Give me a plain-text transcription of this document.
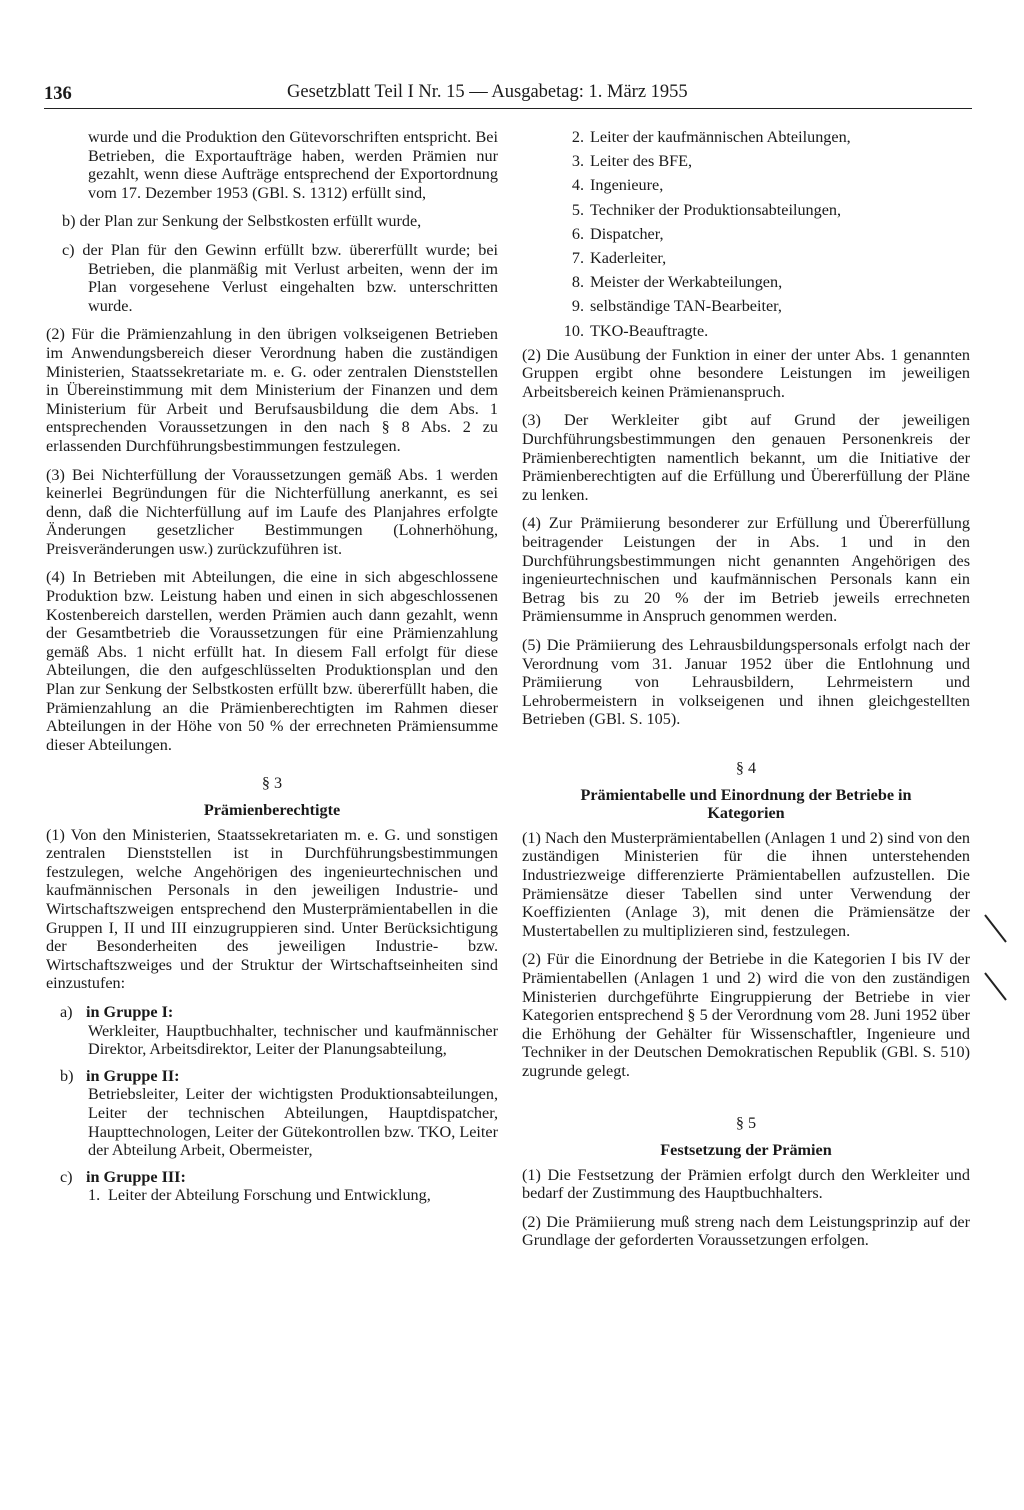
136	Gesetzblatt Teil I Nr. 15 — Ausgabetag: 1. März 1955

wurde und die Produktion den Gütevorschriften entspricht. Bei Betrieben, die Exportaufträge haben, werden Prämien nur gezahlt, wenn diese Aufträge entsprechend der Exportordnung vom 17. Dezember 1953 (GBl. S. 1312) erfüllt sind,

b) der Plan zur Senkung der Selbstkosten erfüllt wurde,

c) der Plan für den Gewinn erfüllt bzw. übererfüllt wurde; bei Betrieben, die planmäßig mit Verlust arbeiten, wenn der im Plan vorgesehene Verlust eingehalten bzw. unterschritten wurde.

(2) Für die Prämienzahlung in den übrigen volkseigenen Betrieben im Anwendungsbereich dieser Verordnung haben die zuständigen Ministerien, Staatssekretariate m. e. G. oder zentralen Dienststellen in Übereinstimmung mit dem Ministerium der Finanzen und dem Ministerium für Arbeit und Berufsausbildung die dem Abs. 1 entsprechenden Voraussetzungen in den nach § 8 Abs. 2 zu erlassenden Durchführungsbestimmungen festzulegen.

(3) Bei Nichterfüllung der Voraussetzungen gemäß Abs. 1 werden keinerlei Begründungen für die Nichterfüllung anerkannt, es sei denn, daß die Nichterfüllung auf im Laufe des Planjahres erfolgte Änderungen gesetzlicher Bestimmungen (Lohnerhöhung, Preisveränderungen usw.) zurückzuführen ist.

(4) In Betrieben mit Abteilungen, die eine in sich abgeschlossene Produktion bzw. Leistung haben und einen in sich abgeschlossenen Kostenbereich darstellen, werden Prämien auch dann gezahlt, wenn der Gesamtbetrieb die Voraussetzungen für eine Prämienzahlung gemäß Abs. 1 nicht erfüllt hat. In diesem Fall erfolgt für diese Abteilungen, die den aufgeschlüsselten Produktionsplan und den Plan zur Senkung der Selbstkosten erfüllt bzw. übererfüllt haben, die Prämienzahlung an die Prämienberechtigten im Rahmen dieser Abteilungen in der Höhe von 50 % der errechneten Prämiensumme dieser Abteilungen.

§ 3
Prämienberechtigte

(1) Von den Ministerien, Staatssekretariaten m. e. G. und sonstigen zentralen Dienststellen ist in Durchführungsbestimmungen festzulegen, welche Angehörigen des ingenieurtechnischen und kaufmännischen Personals in den jeweiligen Industrie- und Wirtschaftszweigen entsprechend den Musterprämientabellen in die Gruppen I, II und III einzugruppieren sind. Unter Berücksichtigung der Besonderheiten des jeweiligen Industrie- bzw. Wirtschaftszweiges und der Struktur der Wirtschaftseinheiten sind einzustufen:

a) in Gruppe I:
Werkleiter, Hauptbuchhalter, technischer und kaufmännischer Direktor, Arbeitsdirektor, Leiter der Planungsabteilung,
b) in Gruppe II:
Betriebsleiter, Leiter der wichtigsten Produktionsabteilungen, Leiter der technischen Abteilungen, Hauptdispatcher, Haupttechnologen, Leiter der Gütekontrollen bzw. TKO, Leiter der Abteilung Arbeit, Obermeister,
c) in Gruppe III:
1. Leiter der Abteilung Forschung und Entwicklung,
2. Leiter der kaufmännischen Abteilungen,
3. Leiter des BFE,
4. Ingenieure,
5. Techniker der Produktionsabteilungen,
6. Dispatcher,
7. Kaderleiter,
8. Meister der Werkabteilungen,
9. selbständige TAN-Bearbeiter,
10. TKO-Beauftragte.

(2) Die Ausübung der Funktion in einer der unter Abs. 1 genannten Gruppen ergibt ohne besondere Leistungen im jeweiligen Arbeitsbereich keinen Prämienanspruch.

(3) Der Werkleiter gibt auf Grund der jeweiligen Durchführungsbestimmungen den genauen Personenkreis der Prämienberechtigten namentlich bekannt, um die Initiative der Prämienberechtigten auf die Erfüllung und Übererfüllung der Pläne zu lenken.

(4) Zur Prämiierung besonderer zur Erfüllung und Übererfüllung beitragender Leistungen der in Abs. 1 und in den Durchführungsbestimmungen nicht genannten Angehörigen des ingenieurtechnischen und kaufmännischen Personals kann ein Betrag bis zu 20 % der im Betrieb jeweils errechneten Prämiensumme in Anspruch genommen werden.

(5) Die Prämiierung des Lehrausbildungspersonals erfolgt nach der Verordnung vom 31. Januar 1952 über die Entlohnung und Prämiierung von Lehrausbildern, Lehrmeistern und Lehrobermeistern in volkseigenen und ihnen gleichgestellten Betrieben (GBl. S. 105).

§ 4
Prämientabelle und Einordnung der Betriebe in Kategorien

(1) Nach den Musterprämientabellen (Anlagen 1 und 2) sind von den zuständigen Ministerien für die ihnen unterstehenden Industriezweige differenzierte Prämientabellen aufzustellen. Die Prämiensätze dieser Tabellen sind unter Verwendung der Koeffizienten (Anlage 3), mit denen die Prämiensätze der Mustertabellen zu multiplizieren sind, festzulegen.

(2) Für die Einordnung der Betriebe in die Kategorien I bis IV der Prämientabellen (Anlagen 1 und 2) wird die von den zuständigen Ministerien durchgeführte Eingruppierung der Betriebe in vier Kategorien entsprechend § 5 der Verordnung vom 28. Juni 1952 über die Erhöhung der Gehälter für Wissenschaftler, Ingenieure und Techniker in der Deutschen Demokratischen Republik (GBl. S. 510) zugrunde gelegt.

§ 5
Festsetzung der Prämien

(1) Die Festsetzung der Prämien erfolgt durch den Werkleiter und bedarf der Zustimmung des Hauptbuchhalters.

(2) Die Prämiierung muß streng nach dem Leistungsprinzip auf der Grundlage der geforderten Voraussetzungen erfolgen.
